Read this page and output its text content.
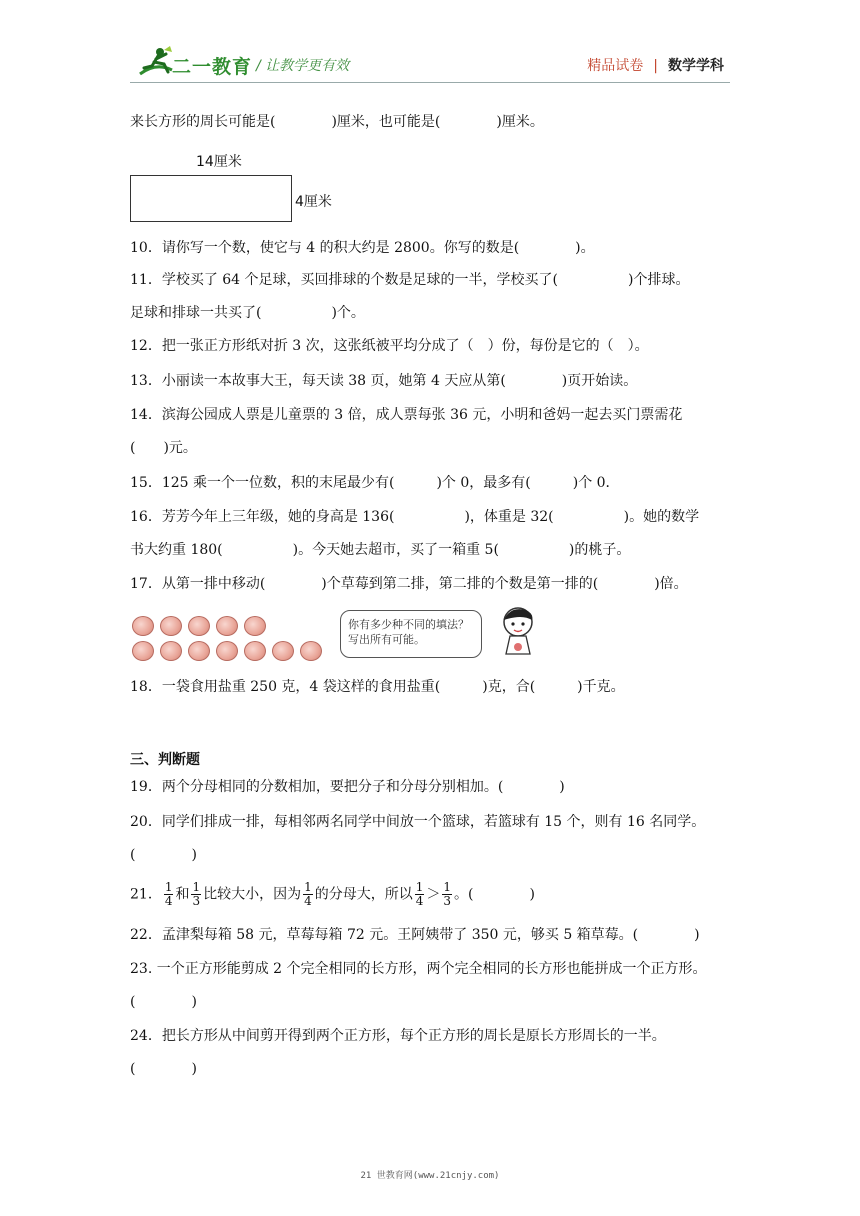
二一教育 / 让教学更有效	精品试卷 | 数学学科
来长方形的周长可能是(　　　　)厘米，也可能是(　　　　)厘米。
14厘米
4厘米
10．请你写一个数，使它与 4 的积大约是 2800。你写的数是(　　　　)。
11．学校买了 64 个足球，买回排球的个数是足球的一半，学校买了(　　　　　)个排球。
足球和排球一共买了(　　　　　)个。
12．把一张正方形纸对折 3 次，这张纸被平均分成了（　）份，每份是它的（　）。
13．小丽读一本故事大王，每天读 38 页，她第 4 天应从第(　　　　)页开始读。
14．滨海公园成人票是儿童票的 3 倍，成人票每张 36 元，小明和爸妈一起去买门票需花
(　　)元。
15．125 乘一个一位数，积的末尾最少有(　　　)个 0，最多有(　　　)个 0．
16．芳芳今年上三年级，她的身高是 136(　　　　　)，体重是 32(　　　　　)。她的数学
书大约重 180(　　　　　)。今天她去超市，买了一箱重 5(　　　　　)的桃子。
17．从第一排中移动(　　　　)个草莓到第二排，第二排的个数是第一排的(　　　　)倍。
你有多少种不同的填法？
写出所有可能。
18．一袋食用盐重 250 克，4 袋这样的食用盐重(　　　)克，合(　　　)千克。
三、判断题
19．两个分母相同的分数相加，要把分子和分母分别相加。(　　　　)
20．同学们排成一排，每相邻两名同学中间放一个篮球，若篮球有 15 个，则有 16 名同学。
(　　　　)
21． $\frac{1}{4}$ 和 $\frac{1}{3}$ 比较大小，因为 $\frac{1}{4}$ 的分母大，所以 $\frac{1}{4} > \frac{1}{3}$ 。(　　　　)
22．孟津梨每箱 58 元，草莓每箱 72 元。王阿姨带了 350 元，够买 5 箱草莓。(　　　　)
23. 一个正方形能剪成 2 个完全相同的长方形，两个完全相同的长方形也能拼成一个正方形。
(　　　　)
24．把长方形从中间剪开得到两个正方形，每个正方形的周长是原长方形周长的一半。
(　　　　)
21 世教育网(www.21cnjy.com)
